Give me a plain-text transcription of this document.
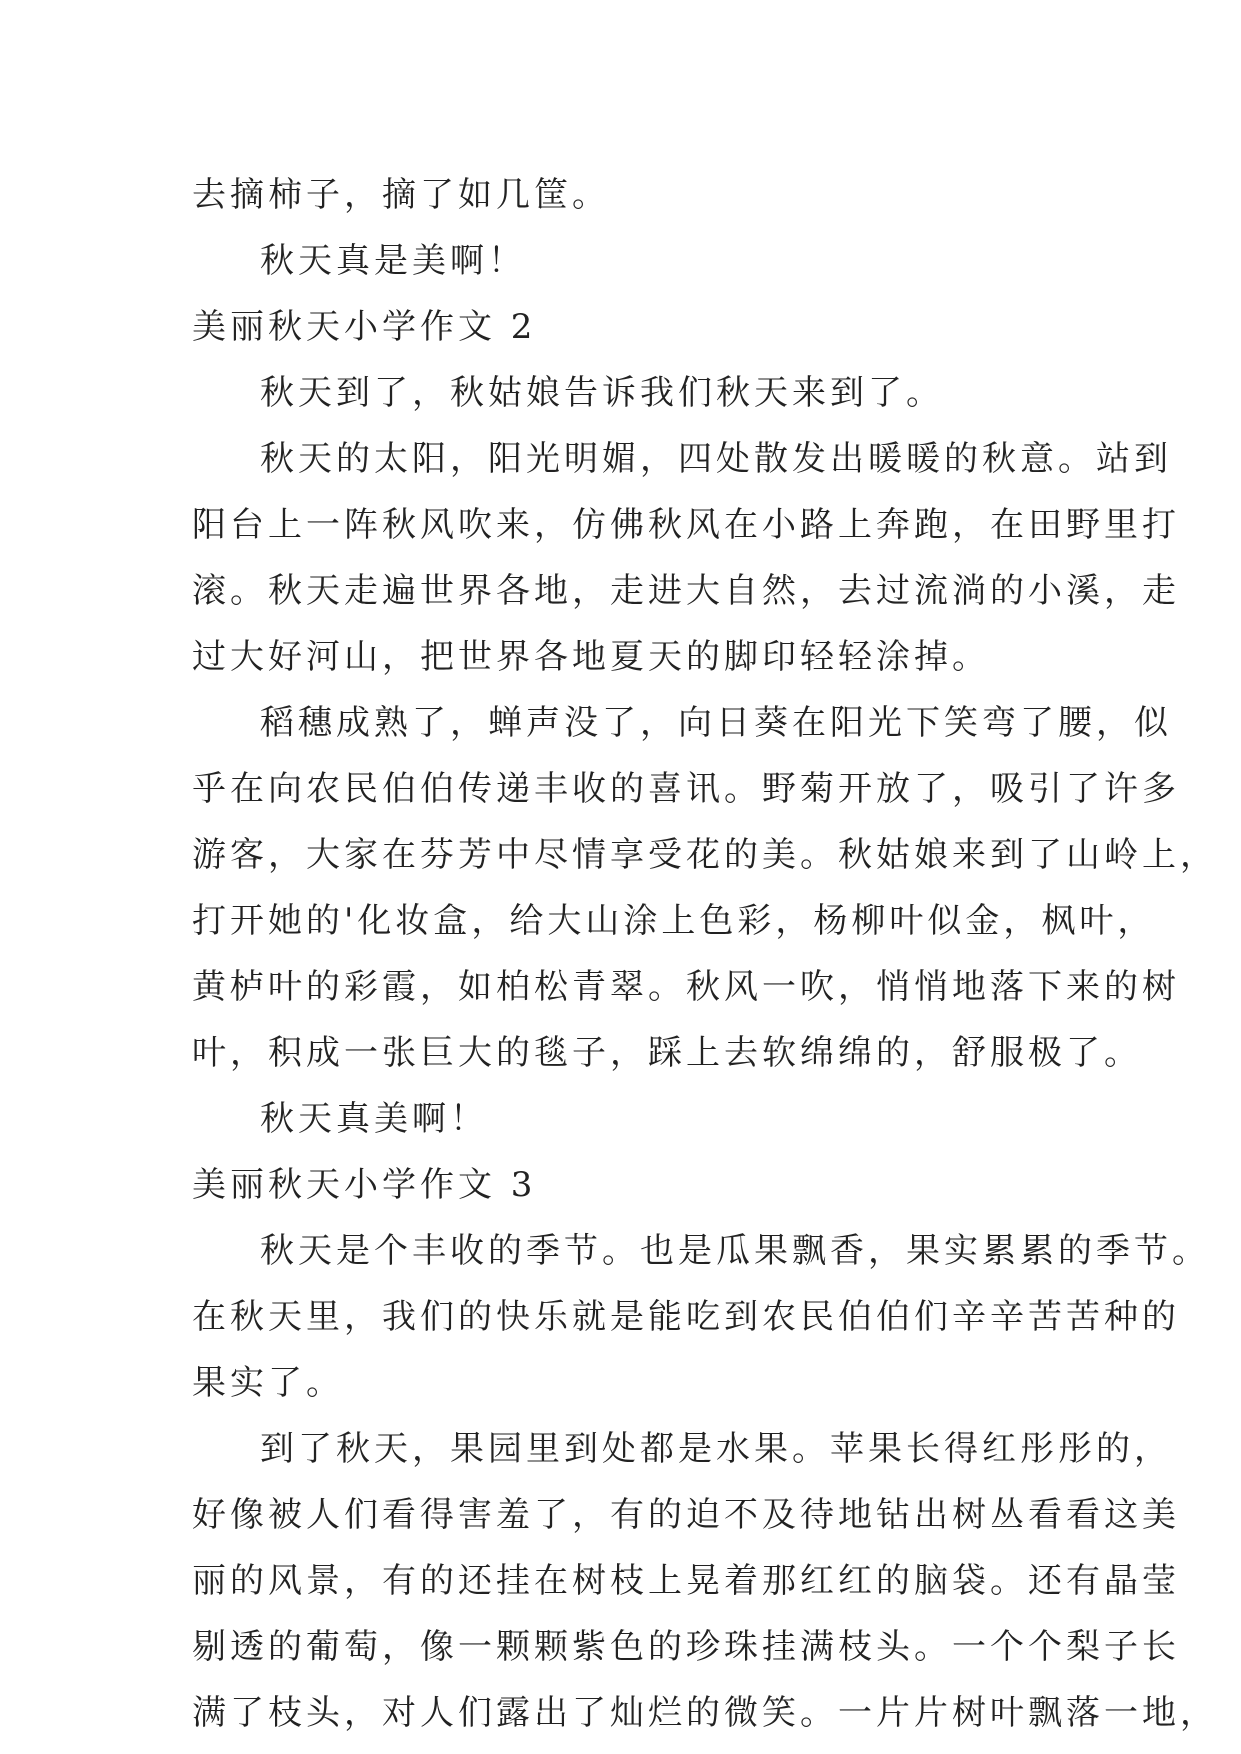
去摘柿子，摘了如几筐。
秋天真是美啊！
美丽秋天小学作文 2
秋天到了，秋姑娘告诉我们秋天来到了。
秋天的太阳，阳光明媚，四处散发出暖暖的秋意。站到
阳台上一阵秋风吹来，仿佛秋风在小路上奔跑，在田野里打
滚。秋天走遍世界各地，走进大自然，去过流淌的小溪，走
过大好河山，把世界各地夏天的脚印轻轻涂掉。
稻穗成熟了，蝉声没了，向日葵在阳光下笑弯了腰，似
乎在向农民伯伯传递丰收的喜讯。野菊开放了，吸引了许多
游客，大家在芬芳中尽情享受花的美。秋姑娘来到了山岭上，
打开她的'化妆盒，给大山涂上色彩，杨柳叶似金，枫叶，
黄栌叶的彩霞，如柏松青翠。秋风一吹，悄悄地落下来的树
叶，积成一张巨大的毯子，踩上去软绵绵的，舒服极了。
秋天真美啊！
美丽秋天小学作文 3
秋天是个丰收的季节。也是瓜果飘香，果实累累的季节。
在秋天里，我们的快乐就是能吃到农民伯伯们辛辛苦苦种的
果实了。
到了秋天，果园里到处都是水果。苹果长得红彤彤的，
好像被人们看得害羞了，有的迫不及待地钻出树丛看看这美
丽的风景，有的还挂在树枝上晃着那红红的脑袋。还有晶莹
剔透的葡萄，像一颗颗紫色的珍珠挂满枝头。一个个梨子长
满了枝头，对人们露出了灿烂的微笑。一片片树叶飘落一地，
